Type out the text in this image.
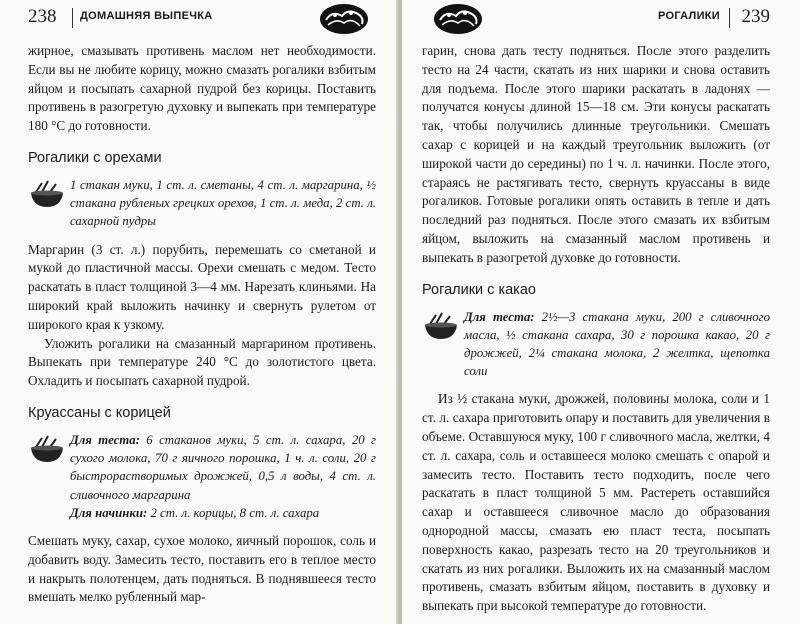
238 ДОМАШНЯЯ ВЫПЕЧКА

жирное, смазывать противень маслом нет необходимости. Если вы не любите корицу, можно смазать рогалики взбитым яйцом и посыпать сахарной пудрой без корицы. Поставить противень в разогретую духовку и выпекать при температуре 180 °С до готовности.

Рогалики с орехами
1 стакан муки, 1 ст. л. сметаны, 4 ст. л. маргарина, ½ стакана рубленых грецких орехов, 1 ст. л. меда, 2 ст. л. сахарной пудры

Маргарин (3 ст. л.) порубить, перемешать со сметаной и мукой до пластичной массы. Орехи смешать с медом. Тесто раскатать в пласт толщиной 3—4 мм. Нарезать клиньями. На широкий край выложить начинку и свернуть рулетом от широкого края к узкому.

Уложить рогалики на смазанный маргарином противень. Выпекать при температуре 240 °С до золотистого цвета. Охладить и посыпать сахарной пудрой.

Круассаны с корицей
Для теста: 6 стаканов муки, 5 ст. л. сахара, 20 г сухого молока, 70 г яичного порошка, 1 ч. л. соли, 20 г быстрорастворимых дрожжей, 0,5 л воды, 4 ст. л. сливочного маргарина
Для начинки: 2 ст. л. корицы, 8 ст. л. сахара

Смешать муку, сахар, сухое молоко, яичный порошок, соль и добавить воду. Замесить тесто, поставить его в теплое место и накрыть полотенцем, дать подняться. В поднявшееся тесто вмешать мелко рубленный мар-

РОГАЛИКИ 239

гарин, снова дать тесту подняться. После этого разделить тесто на 24 части, скатать из них шарики и снова оставить для подъема. После этого шарики раскатать в ладонях — получатся конусы длиной 15—18 см. Эти конусы раскатать так, чтобы получились длинные треугольники. Смешать сахар с корицей и на каждый треугольник выложить (от широкой части до середины) по 1 ч. л. начинки. После этого, стараясь не растягивать тесто, свернуть круассаны в виде рогаликов. Готовые рогалики опять оставить в тепле и дать последний раз подняться. После этого смазать их взбитым яйцом, выложить на смазанный маслом противень и выпекать в разогретой духовке до готовности.

Рогалики с какао
Для теста: 2½—3 стакана муки, 200 г сливочного масла, ½ стакана сахара, 30 г порошка какао, 20 г дрожжей, 2¼ стакана молока, 2 желтка, щепотка соли

Из ½ стакана муки, дрожжей, половины молока, соли и 1 ст. л. сахара приготовить опару и поставить для увеличения в объеме. Оставшуюся муку, 100 г сливочного масла, желтки, 4 ст. л. сахара, соль и оставшееся молоко смешать с опарой и замесить тесто. Поставить тесто подходить, после чего раскатать в пласт толщиной 5 мм. Растереть оставшийся сахар и оставшееся сливочное масло до образования однородной массы, смазать ею пласт теста, посыпать поверхность какао, разрезать тесто на 20 треугольников и скатать из них рогалики. Выложить их на смазанный маслом противень, смазать взбитым яйцом, поставить в духовку и выпекать при высокой температуре до готовности.
